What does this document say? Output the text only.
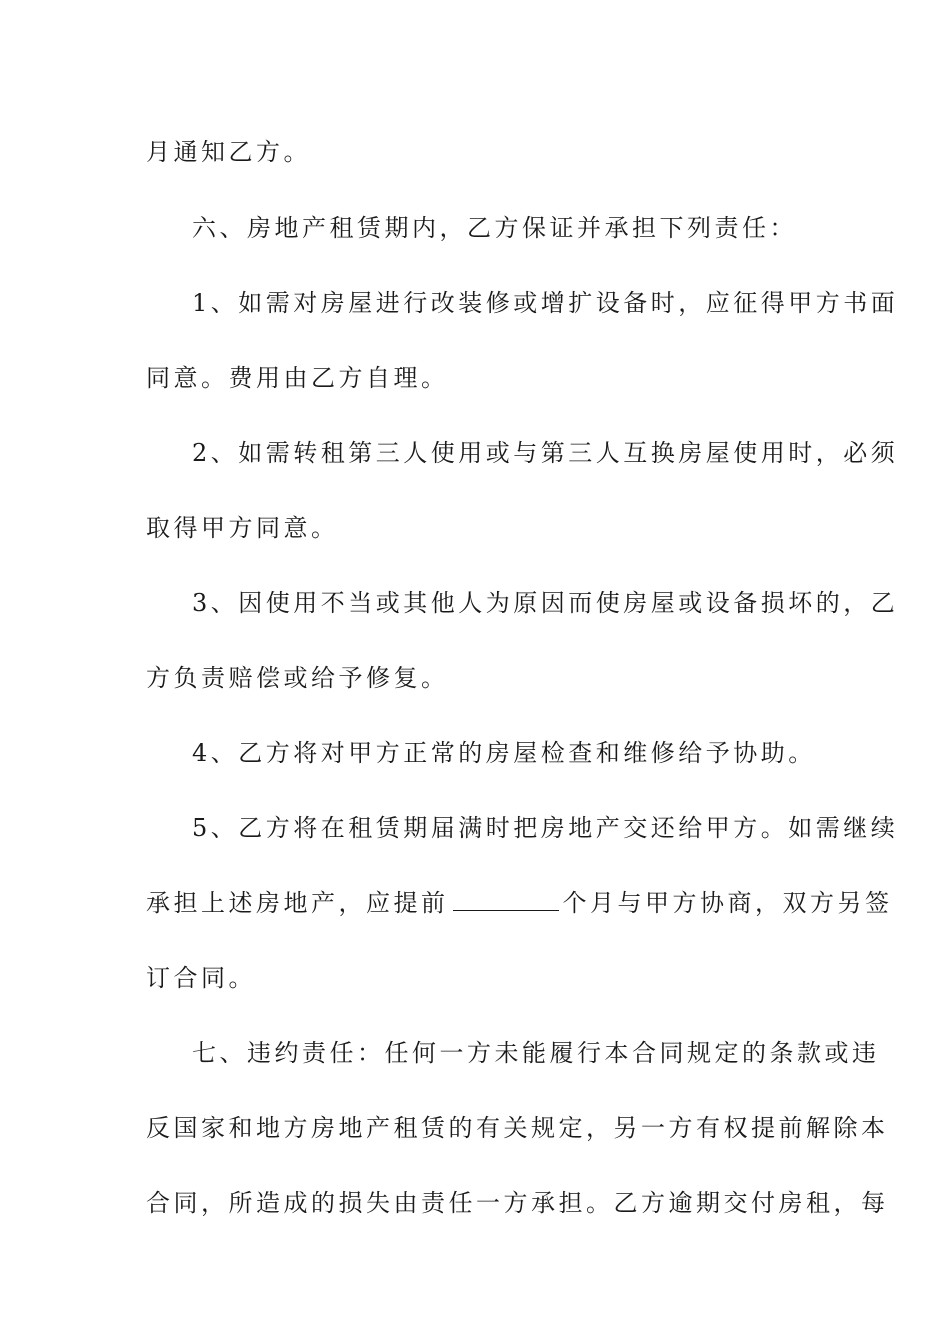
月通知乙方。
六、房地产租赁期内，乙方保证并承担下列责任：
1、如需对房屋进行改装修或增扩设备时，应征得甲方书面
同意。费用由乙方自理。
2、如需转租第三人使用或与第三人互换房屋使用时，必须
取得甲方同意。
3、因使用不当或其他人为原因而使房屋或设备损坏的，乙
方负责赔偿或给予修复。
4、乙方将对甲方正常的房屋检查和维修给予协助。
5、乙方将在租赁期届满时把房地产交还给甲方。如需继续
承担上述房地产，应提前	个月与甲方协商，双方另签
订合同。
七、违约责任：任何一方未能履行本合同规定的条款或违
反国家和地方房地产租赁的有关规定，另一方有权提前解除本
合同，所造成的损失由责任一方承担。乙方逾期交付房租，每
